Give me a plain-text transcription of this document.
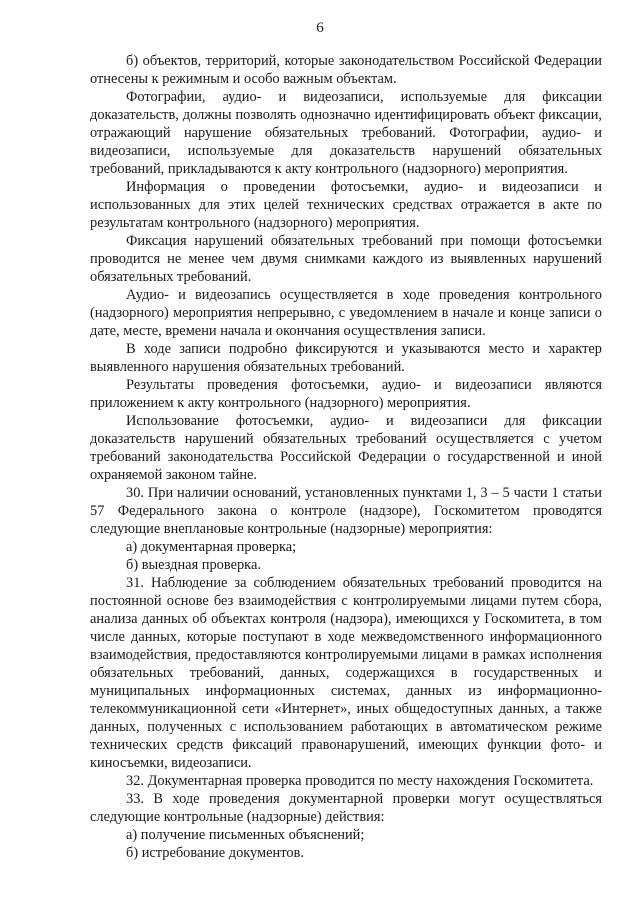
6

б) объектов, территорий, которые законодательством Российской Федерации отнесены к режимным и особо важным объектам.

Фотографии, аудио- и видеозаписи, используемые для фиксации доказательств, должны позволять однозначно идентифицировать объект фиксации, отражающий нарушение обязательных требований. Фотографии, аудио- и видеозаписи, используемые для доказательств нарушений обязательных требований, прикладываются к акту контрольного (надзорного) мероприятия.

Информация о проведении фотосъемки, аудио- и видеозаписи и использованных для этих целей технических средствах отражается в акте по результатам контрольного (надзорного) мероприятия.

Фиксация нарушений обязательных требований при помощи фотосъемки проводится не менее чем двумя снимками каждого из выявленных нарушений обязательных требований.

Аудио- и видеозапись осуществляется в ходе проведения контрольного (надзорного) мероприятия непрерывно, с уведомлением в начале и конце записи о дате, месте, времени начала и окончания осуществления записи.

В ходе записи подробно фиксируются и указываются место и характер выявленного нарушения обязательных требований.

Результаты проведения фотосъемки, аудио- и видеозаписи являются приложением к акту контрольного (надзорного) мероприятия.

Использование фотосъемки, аудио- и видеозаписи для фиксации доказательств нарушений обязательных требований осуществляется с учетом требований законодательства Российской Федерации о государственной и иной охраняемой законом тайне.

30. При наличии оснований, установленных пунктами 1, 3 – 5 части 1 статьи 57 Федерального закона о контроле (надзоре), Госкомитетом проводятся следующие внеплановые контрольные (надзорные) мероприятия:

а) документарная проверка;

б) выездная проверка.

31. Наблюдение за соблюдением обязательных требований проводится на постоянной основе без взаимодействия с контролируемыми лицами путем сбора, анализа данных об объектах контроля (надзора), имеющихся у Госкомитета, в том числе данных, которые поступают в ходе межведомственного информационного взаимодействия, предоставляются контролируемыми лицами в рамках исполнения обязательных требований, данных, содержащихся в государственных и муниципальных информационных системах, данных из информационно-телекоммуникационной сети «Интернет», иных общедоступных данных, а также данных, полученных с использованием работающих в автоматическом режиме технических средств фиксаций правонарушений, имеющих функции фото- и киносъемки, видеозаписи.

32. Документарная проверка проводится по месту нахождения Госкомитета.

33. В ходе проведения документарной проверки могут осуществляться следующие контрольные (надзорные) действия:

а) получение письменных объяснений;

б) истребование документов.
